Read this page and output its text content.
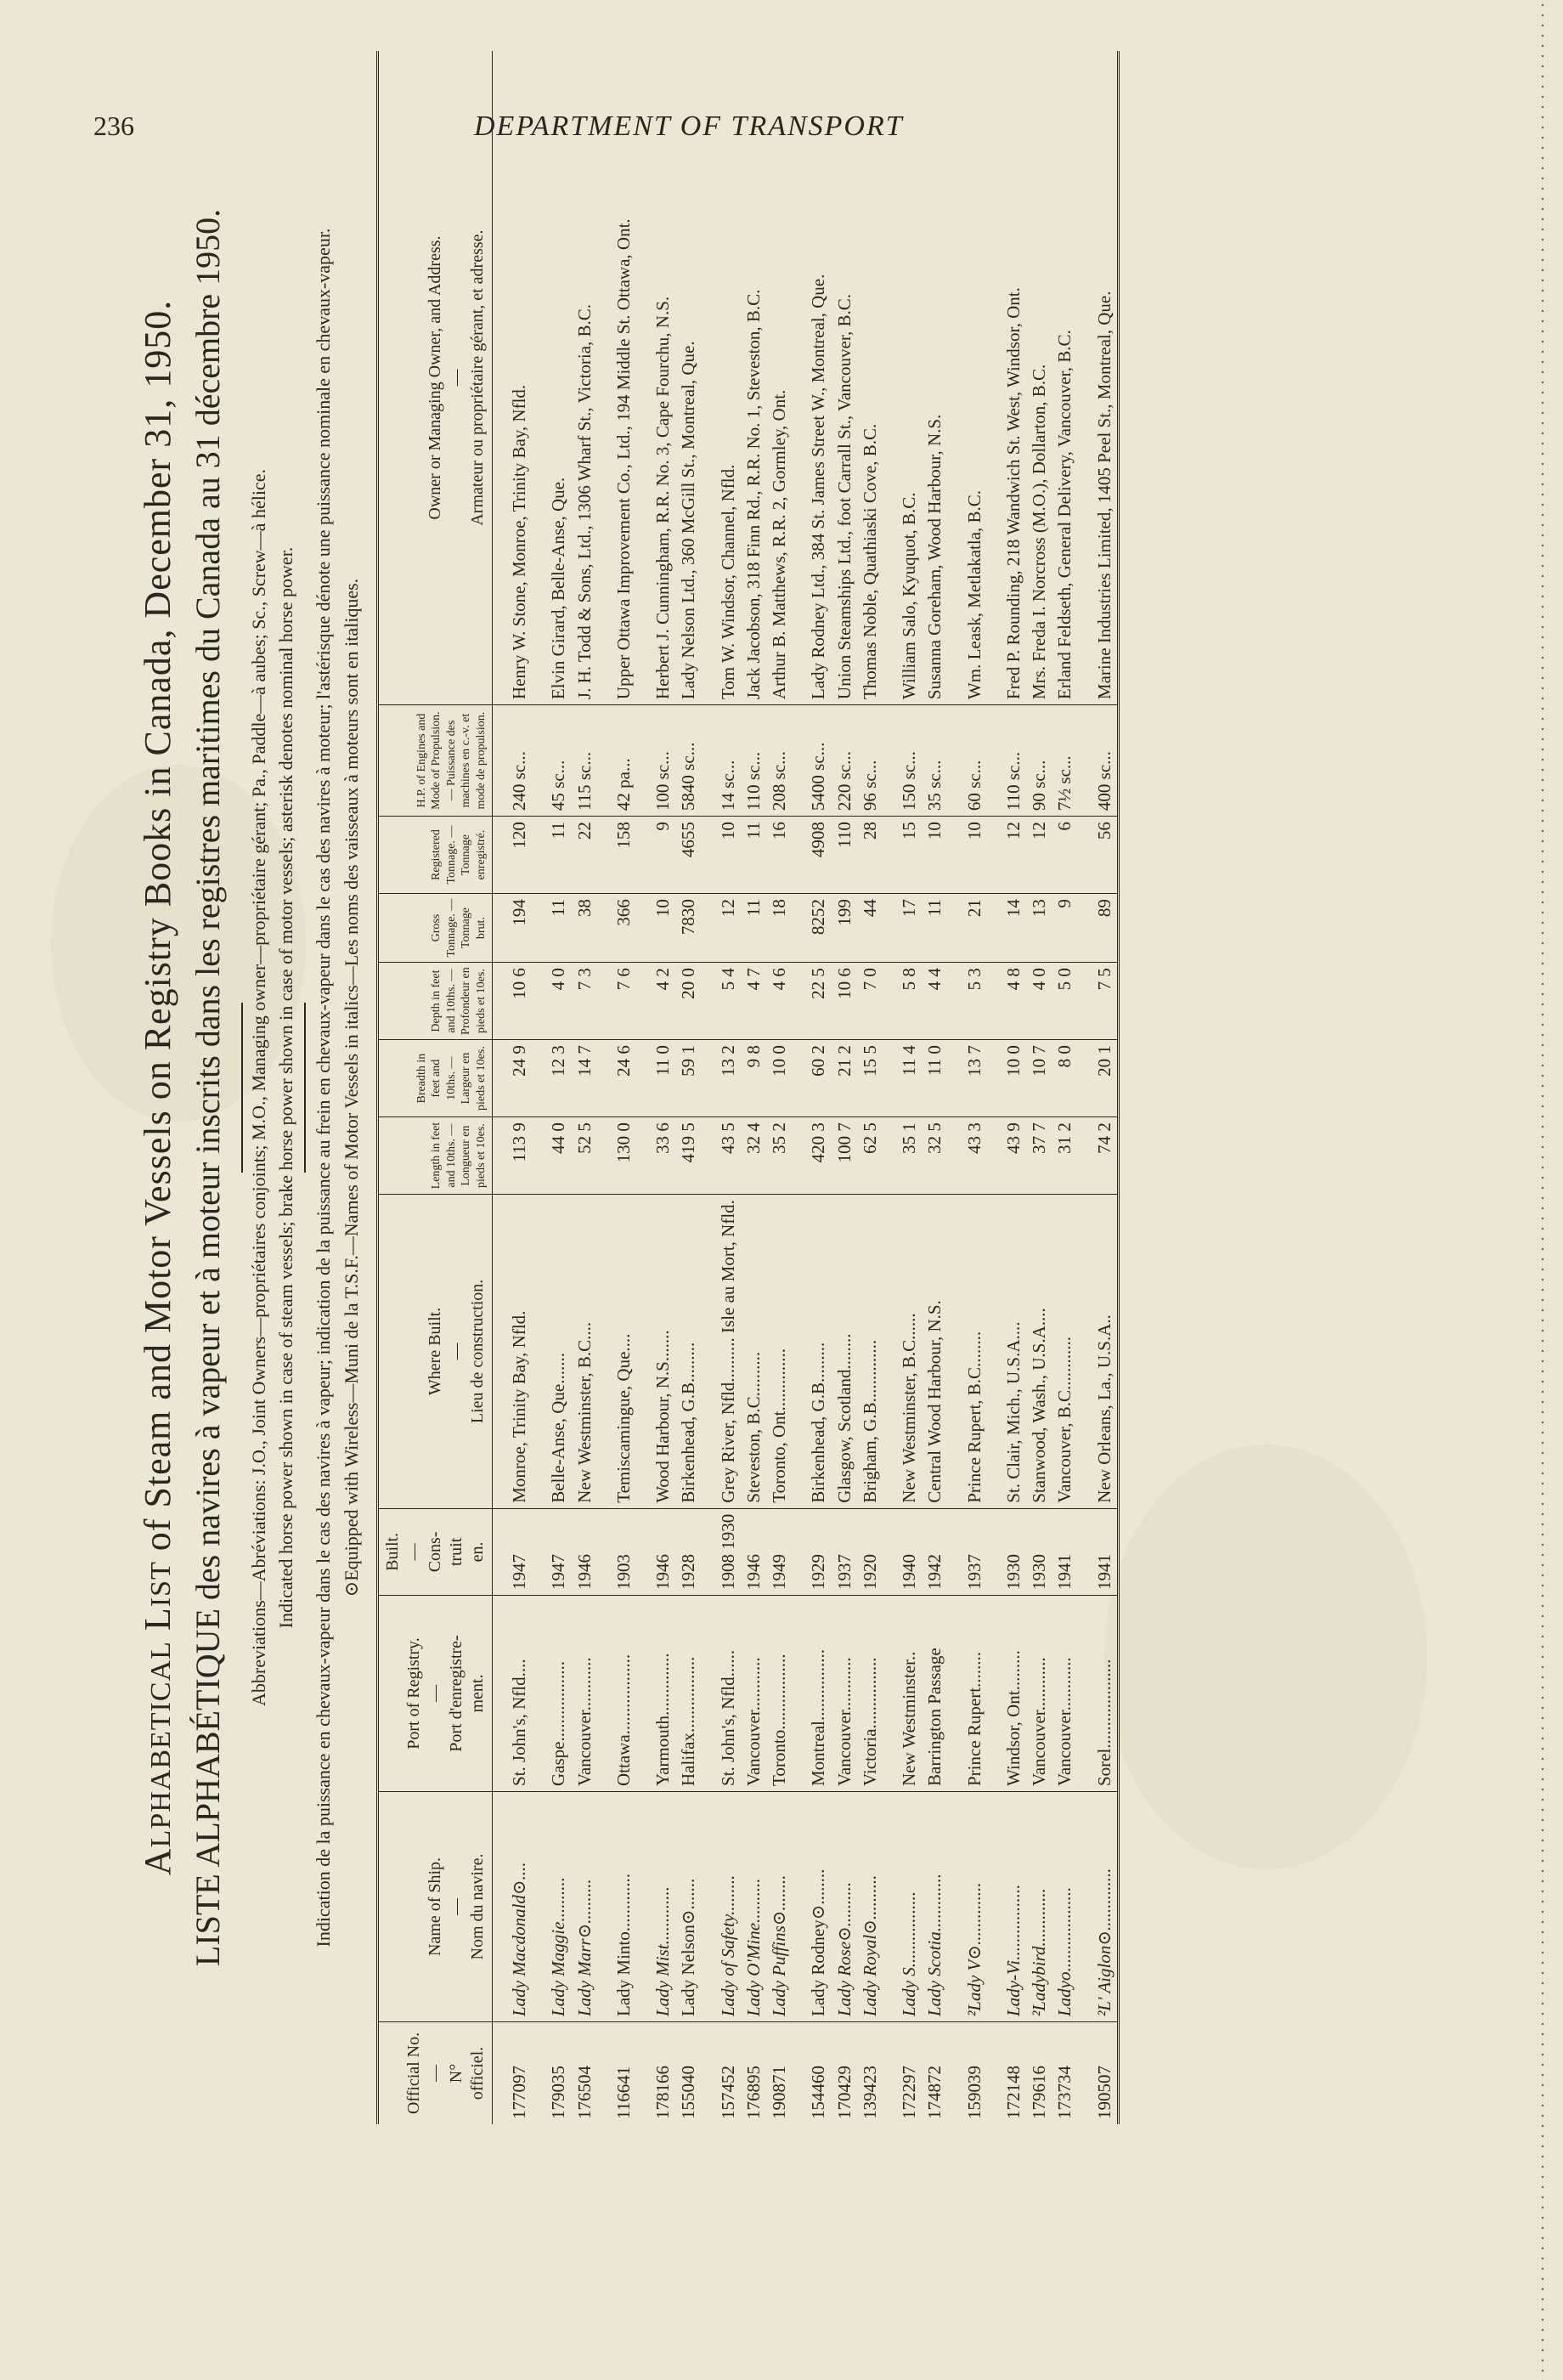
236	DEPARTMENT OF TRANSPORT
ALPHABETICAL LIST of Steam and Motor Vessels on Registry Books in Canada, December 31, 1950. LISTE ALPHABÉTIQUE des navires à vapeur et à moteur inscrits dans les registres maritimes du Canada au 31 décembre 1950. Abbreviations—Abréviations: J.O., Joint Owners—propriétaires conjoints; M.O., Managing owner—propriétaire gérant; Pa., Paddle—à aubes; Sc., Screw—à hélice. Indicated horse power shown in case of steam vessels; brake horse power shown in case of motor vessels; asterisk denotes nominal horse power. Indication de la puissance en chevaux-vapeur dans le cas des navires à vapeur; indication de la puissance au frein en chevaux-vapeur dans le cas des navires à moteur; l'astérisque dénote une puissance nominale en chevaux-vapeur. ⊙Equipped with Wireless—Muni de la T.S.F.—Names of Motor Vessels in italics—Les noms des vaisseaux à moteurs sont en italiques.
Official No. — N° officiel.	Name of Ship. — Nom du navire.	Port of Registry. — Port d'enregistre- ment.	Built. — Cons- truit en.	Where Built. — Lieu de construction.	Length in feet and 10ths. — Longueur en pieds et 10es.	Breadth in feet and 10ths. — Largeur en pieds et 10es.	Depth in feet and 10ths. — Profondeur en pieds et 10es.	Gross Tonnage. — Tonnage brut.	Registered Tonnage. — Tonnage enregistré.	H.P. of Engines and Mode of Propulsion. — Puissance des machines en c.-v. et mode de propulsion.	Owner or Managing Owner, and Address. — Armateur ou propriétaire gérant, et adresse.

177097	Lady Macdonald⊙....	St. John's, Nfld....	1947	Monroe, Trinity Bay, Nfld.	113 9	24 9	10 6	194	120	240 sc...	Henry W. Stone, Monroe, Trinity Bay, Nfld.
179035	Lady Maggie..........	Gaspe..................	1947	Belle-Anse, Que.......	44 0	12 3	4 0	11	11	45 sc...	Elvin Girard, Belle-Anse, Que.
176504	Lady Marr⊙..........	Vancouver............	1946	New Westminster, B.C....	52 5	14 7	7 3	38	22	115 sc...	J. H. Todd & Sons, Ltd., 1306 Wharf St., Victoria, B.C.
116641	Lady Minto.............	Ottawa..................	1903	Temiscamingue, Que....	130 0	24 6	7 6	366	158	42 pa...	Upper Ottawa Improvement Co., Ltd., 194 Middle St. Ottawa, Ont.
178166	Lady Mist.............	Yarmouth..............	1946	Wood Harbour, N.S.......	33 6	11 0	4 2	10	9	100 sc...	Herbert J. Cunningham, R.R. No. 3, Cape Fourchu, N.S.
155040	Lady Nelson⊙.......	Halifax.................	1928	Birkenhead, G.B.........	419 5	59 1	20 0	7830	4655	5840 sc...	Lady Nelson Ltd., 360 McGill St., Montreal, Que.
157452	Lady of Safety.........	St. John's, Nfld......	1908 1930	Grey River, Nfld.......... Isle au Mort, Nfld.	43 5	13 2	5 4	12	10	14 sc...	Tom W. Windsor, Channel, Nfld.
176895	Lady O'Mine..........	Vancouver............	1946	Steveston, B.C..........	32 4	9 8	4 7	11	11	110 sc...	Jack Jacobson, 318 Finn Rd., R.R. No. 1, Steveston, B.C.
190871	Lady Puffins⊙........	Toronto.................	1949	Toronto, Ont..............	35 2	10 0	4 6	18	16	208 sc...	Arthur B. Matthews, R.R. 2, Gormley, Ont.
154460	Lady Rodney⊙........	Montreal................	1929	Birkenhead, G.B.........	420 3	60 2	22 5	8252	4908	5400 sc...	Lady Rodney Ltd., 384 St. James Street W., Montreal, Que.
170429	Lady Rose⊙..........	Vancouver............	1937	Glasgow, Scotland........	100 7	21 2	10 6	199	110	220 sc...	Union Steamships Ltd., foot Carrall St., Vancouver, B.C.
139423	Lady Royal⊙..........	Victoria................	1920	Brigham, G.B..............	62 5	15 5	7 0	44	28	96 sc...	Thomas Noble, Quathiaski Cove, B.C.
172297	Lady S.................	New Westminster..	1940	New Westminster, B.C......	35 1	11 4	5 8	17	15	150 sc...	William Salo, Kyuquot, B.C.
174872	Lady Scotia.............	Barrington Passage	1942	Central Wood Harbour, N.S.	32 5	11 0	4 4	11	10	35 sc...	Susanna Goreham, Wood Harbour, N.S.
159039	²Lady V⊙..............	Prince Rupert........	1937	Prince Rupert, B.C........	43 3	13 7	5 3	21	10	60 sc...	Wm. Leask, Metlakatla, B.C.
172148	Lady-Vi.................	Windsor, Ont.........	1930	St. Clair, Mich., U.S.A....	43 9	10 0	4 8	14	12	110 sc...	Fred P. Rounding, 218 Wandwich St. West, Windsor, Ont.
179616	²Ladybird.............	Vancouver............	1930	Stanwood, Wash., U.S.A....	37 7	10 7	4 0	13	12	90 sc...	Mrs. Freda I. Norcross (M.O.), Dollarton, B.C.
173734	Ladyo...................	Vancouver............	1941	Vancouver, B.C............	31 2	8 0	5 0	9	6	7½ sc...	Erland Feldseth, General Delivery, Vancouver, B.C.
190507	²L' Aiglon⊙..............	Sorel....................	1941	New Orleans, La., U.S.A..	74 2	20 1	7 5	89	56	400 sc...	Marine Industries Limited, 1405 Peel St., Montreal, Que.
